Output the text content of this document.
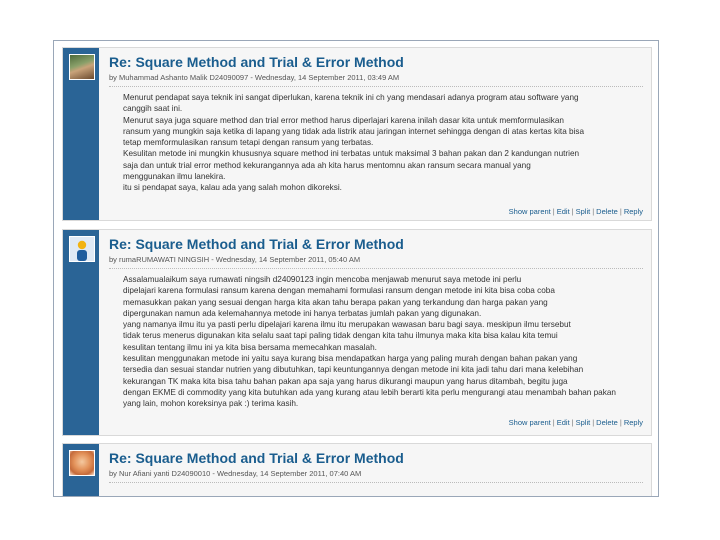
Re: Square Method and Trial & Error Method
by Muhammad Ashanto Malik D24090097 - Wednesday, 14 September 2011, 03:49 AM
Menurut pendapat saya teknik ini sangat diperlukan, karena teknik ini ch yang mendasari adanya program atau software yang
canggih saat ini.
Menurut saya juga square method dan trial error method harus diperlajari karena inilah dasar kita untuk memformulasikan
ransum yang mungkin saja ketika di lapang yang tidak ada listrik atau jaringan internet sehingga dengan di atas kertas kita bisa
tetap memformulasikan ransum tetapi dengan ransum yang terbatas.
Kesulitan metode ini mungkin khususnya square method ini terbatas untuk maksimal 3 bahan pakan dan 2 kandungan nutrien
saja dan untuk trial error method kekurangannya ada ah kita harus mentomnu akan ransum secara manual yang
menggunakan ilmu lanekira.
itu si pendapat saya, kalau ada yang salah mohon dikoreksi.
Show parent | Edit | Split | Delete | Reply
Re: Square Method and Trial & Error Method
by rumaRUMAWATI NINGSIH - Wednesday, 14 September 2011, 05:40 AM
Assalamualaikum saya rumawati ningsih d24090123 ingin mencoba menjawab menurut saya metode ini perlu
dipelajari karena formulasi ransum karena dengan memahami formulasi ransum dengan metode ini kita bisa coba coba
memasukkan pakan yang sesuai dengan harga kita akan tahu berapa pakan yang terkandung dan harga pakan yang
dipergunakan namun ada kelemahannya metode ini hanya terbatas jumlah pakan yang digunakan.
yang namanya ilmu itu ya pasti perlu dipelajari karena ilmu itu merupakan wawasan baru bagi saya. meskipun ilmu tersebut
tidak terus menerus digunakan kita selalu saat tapi paling tidak dengan kita tahu ilmunya maka kita bisa kalau kita temui
kesulitan tentang ilmu ini ya kita bisa bersama memecahkan masalah.
kesulitan menggunakan metode ini yaitu saya kurang bisa mendapatkan harga yang paling murah dengan bahan pakan yang
tersedia dan sesuai standar nutrien yang dibutuhkan, tapi keuntungannya dengan metode ini kita jadi tahu dari mana kelebihan
kekurangan TK maka kita bisa tahu bahan pakan apa saja yang harus dikurangi maupun yang harus ditambah, begitu juga
dengan EKME di commodity yang kita butuhkan ada yang kurang atau lebih berarti kita perlu mengurangi atau menambah bahan pakan
yang lain, mohon koreksinya pak :) terima kasih.
Show parent | Edit | Split | Delete | Reply
Re: Square Method and Trial & Error Method
by Nur Afiani yanti D24090010 - Wednesday, 14 September 2011, 07:40 AM
